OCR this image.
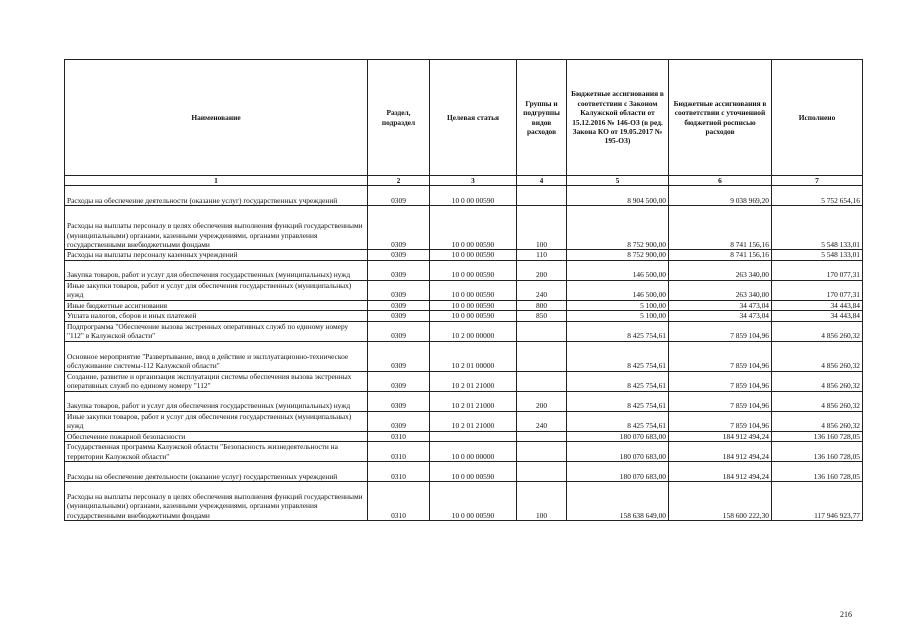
Наименование	Раздел, подраздел	Целевая статья	Группы и подгруппы видов расходов	Бюджетные ассигнования в соответствии с Законом Калужской области от 15.12.2016 № 146-ОЗ (в ред. Закона КО от 19.05.2017 № 195-ОЗ)	Бюджетные ассигнования в соответствии с уточненной бюджетной росписью расходов	Исполнено
1	2	3	4	5	6	7
Расходы на обеспечение деятельности (оказание услуг) государственных учреждений	0309	10 0 00 00590		8 904 500,00	9 038 969,20	5 752 654,16
Расходы на выплаты персоналу в целях обеспечения выполнения функций государственными (муниципальными) органами, казенными учреждениями, органами управления государственными внебюджетными фондами	0309	10 0 00 00590	100	8 752 900,00	8 741 156,16	5 548 133,01
Расходы на выплаты персоналу казенных учреждений	0309	10 0 00 00590	110	8 752 900,00	8 741 156,16	5 548 133,01
Закупка товаров, работ и услуг для обеспечения государственных (муниципальных) нужд	0309	10 0 00 00590	200	146 500,00	263 340,00	170 077,31
Иные закупки товаров, работ и услуг для обеспечения государственных (муниципальных) нужд	0309	10 0 00 00590	240	146 500,00	263 340,00	170 077,31
Иные бюджетные ассигнования	0309	10 0 00 00590	800	5 100,00	34 473,04	34 443,84
Уплата налогов, сборов и иных платежей	0309	10 0 00 00590	850	5 100,00	34 473,04	34 443,84
Подпрограмма "Обеспечение вызова экстренных оперативных служб по единому номеру "112" в Калужской области"	0309	10 2 00 00000		8 425 754,61	7 859 104,96	4 856 260,32
Основное мероприятие "Развертывание, ввод в действие и эксплуатационно-техническое обслуживание системы-112 Калужской области"	0309	10 2 01 00000		8 425 754,61	7 859 104,96	4 856 260,32
Создание, развитие и организация эксплуатации системы обеспечения вызова экстренных оперативных служб по единому номеру "112"	0309	10 2 01 21000		8 425 754,61	7 859 104,96	4 856 260,32
Закупка товаров, работ и услуг для обеспечения государственных (муниципальных) нужд	0309	10 2 01 21000	200	8 425 754,61	7 859 104,96	4 856 260,32
Иные закупки товаров, работ и услуг для обеспечения государственных (муниципальных) нужд	0309	10 2 01 21000	240	8 425 754,61	7 859 104,96	4 856 260,32
Обеспечение пожарной безопасности	0310			180 070 683,00	184 912 494,24	136 160 728,05
Государственная программа Калужской области "Безопасность жизнедеятельности на территории Калужской области"	0310	10 0 00 00000		180 070 683,00	184 912 494,24	136 160 728,05
Расходы на обеспечение деятельности (оказание услуг) государственных учреждений	0310	10 0 00 00590		180 070 683,00	184 912 494,24	136 160 728,05
Расходы на выплаты персоналу в целях обеспечения выполнения функций государственными (муниципальными) органами, казенными учреждениями, органами управления государственными внебюджетными фондами	0310	10 0 00 00590	100	158 638 649,00	158 600 222,30	117 946 923,77
216
